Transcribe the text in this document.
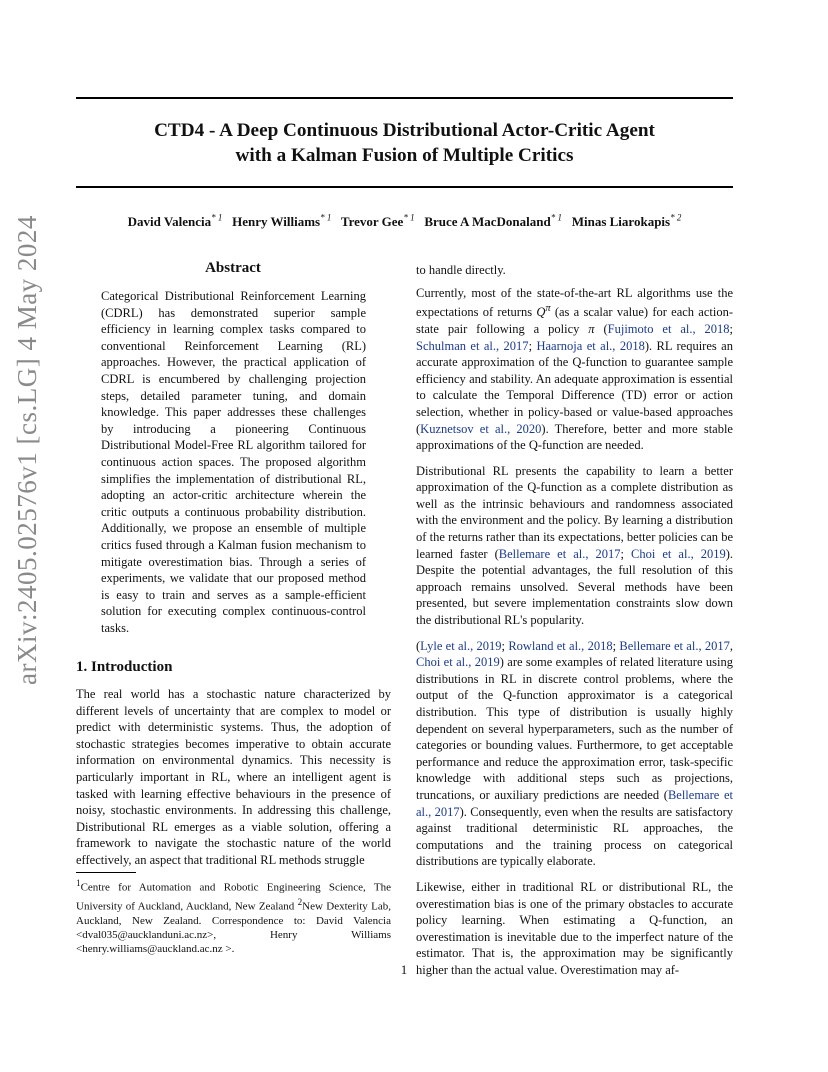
CTD4 - A Deep Continuous Distributional Actor-Critic Agent
with a Kalman Fusion of Multiple Critics
David Valencia$^{* 1}$ Henry Williams$^{* 1}$ Trevor Gee$^{* 1}$ Bruce A MacDonaland$^{* 1}$ Minas Liarokapis$^{* 2}$
arXiv:2405.02576v1 [cs.LG] 4 May 2024	Abstract
Categorical Distributional Reinforcement Learning (CDRL) has demonstrated superior sample efficiency in learning complex tasks compared to conventional Reinforcement Learning (RL) approaches. However, the practical application of CDRL is encumbered by challenging projection steps, detailed parameter tuning, and domain knowledge. This paper addresses these challenges by introducing a pioneering Continuous Distributional Model-Free RL algorithm tailored for continuous action spaces. The proposed algorithm simplifies the implementation of distributional RL, adopting an actor-critic architecture wherein the critic outputs a continuous probability distribution. Additionally, we propose an ensemble of multiple critics fused through a Kalman fusion mechanism to mitigate overestimation bias. Through a series of experiments, we validate that our proposed method is easy to train and serves as a sample-efficient solution for executing complex continuous-control tasks.
1. Introduction
The real world has a stochastic nature characterized by different levels of uncertainty that are complex to model or predict with deterministic systems. Thus, the adoption of stochastic strategies becomes imperative to obtain accurate information on environmental dynamics. This necessity is particularly important in RL, where an intelligent agent is tasked with learning effective behaviours in the presence of noisy, stochastic environments. In addressing this challenge, Distributional RL emerges as a viable solution, offering a framework to navigate the stochastic nature of the world effectively, an aspect that traditional RL methods struggle
$^1$Centre for Automation and Robotic Engineering Science, The University of Auckland, Auckland, New Zealand $^2$New Dexterity Lab, Auckland, New Zealand. Correspondence to: David Valencia <dval035@aucklanduni.ac.nz>, Henry Williams <henry.williams@auckland.ac.nz >.

to handle directly.

Currently, most of the state-of-the-art RL algorithms use the expectations of returns $Q^\pi$ (as a scalar value) for each action-state pair following a policy π (Fujimoto et al., 2018; Schulman et al., 2017; Haarnoja et al., 2018). RL requires an accurate approximation of the Q-function to guarantee sample efficiency and stability. An adequate approximation is essential to calculate the Temporal Difference (TD) error or action selection, whether in policy-based or value-based approaches (Kuznetsov et al., 2020). Therefore, better and more stable approximations of the Q-function are needed.

Distributional RL presents the capability to learn a better approximation of the Q-function as a complete distribution as well as the intrinsic behaviours and randomness associated with the environment and the policy. By learning a distribution of the returns rather than its expectations, better policies can be learned faster (Bellemare et al., 2017; Choi et al., 2019). Despite the potential advantages, the full resolution of this approach remains unsolved. Several methods have been presented, but severe implementation constraints slow down the distributional RL's popularity.

(Lyle et al., 2019; Rowland et al., 2018; Bellemare et al., 2017, Choi et al., 2019) are some examples of related literature using distributions in RL in discrete control problems, where the output of the Q-function approximator is a categorical distribution. This type of distribution is usually highly dependent on several hyperparameters, such as the number of categories or bounding values. Furthermore, to get acceptable performance and reduce the approximation error, task-specific knowledge with additional steps such as projections, truncations, or auxiliary predictions are needed (Bellemare et al., 2017). Consequently, even when the results are satisfactory against traditional deterministic RL approaches, the computations and the training process on categorical distributions are typically elaborate.

Likewise, either in traditional RL or distributional RL, the overestimation bias is one of the primary obstacles to accurate policy learning. When estimating a Q-function, an overestimation is inevitable due to the imperfect nature of the estimator. That is, the approximation may be significantly higher than the actual value. Overestimation may af-

1
